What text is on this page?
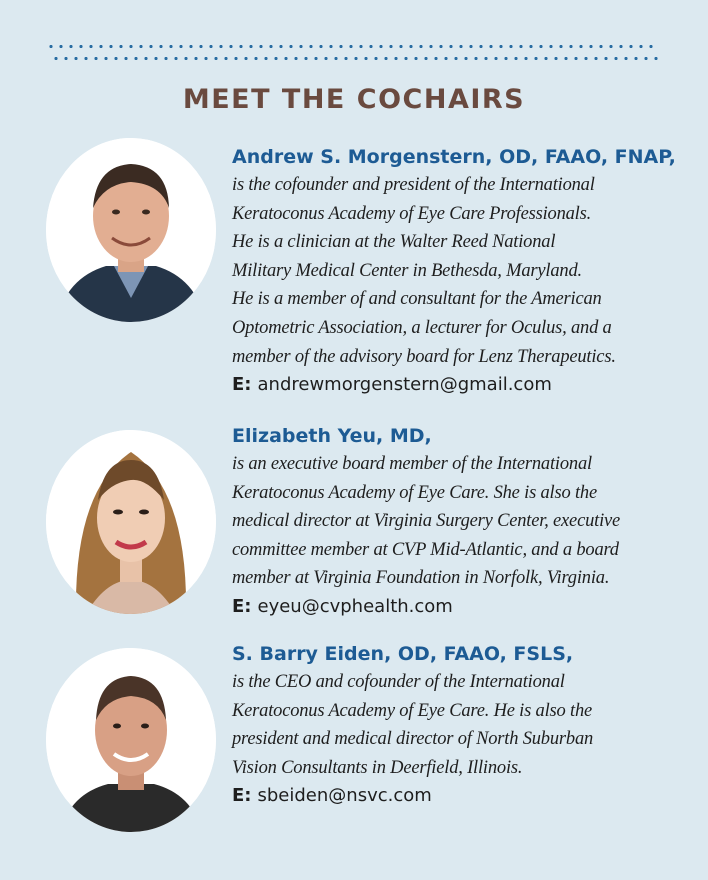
MEET THE COCHAIRS
Andrew S. Morgenstern, OD, FAAO, FNAP,
is the cofounder and president of the International
Keratoconus Academy of Eye Care Professionals.
He is a clinician at the Walter Reed National
Military Medical Center in Bethesda, Maryland.
He is a member of and consultant for the American
Optometric Association, a lecturer for Oculus, and a
member of the advisory board for Lenz Therapeutics.
E: andrewmorgenstern@gmail.com
Elizabeth Yeu, MD,
is an executive board member of the International
Keratoconus Academy of Eye Care. She is also the
medical director at Virginia Surgery Center, executive
committee member at CVP Mid-Atlantic, and a board
member at Virginia Foundation in Norfolk, Virginia.
E: eyeu@cvphealth.com
S. Barry Eiden, OD, FAAO, FSLS,
is the CEO and cofounder of the International
Keratoconus Academy of Eye Care. He is also the
president and medical director of North Suburban
Vision Consultants in Deerfield, Illinois.
E: sbeiden@nsvc.com
